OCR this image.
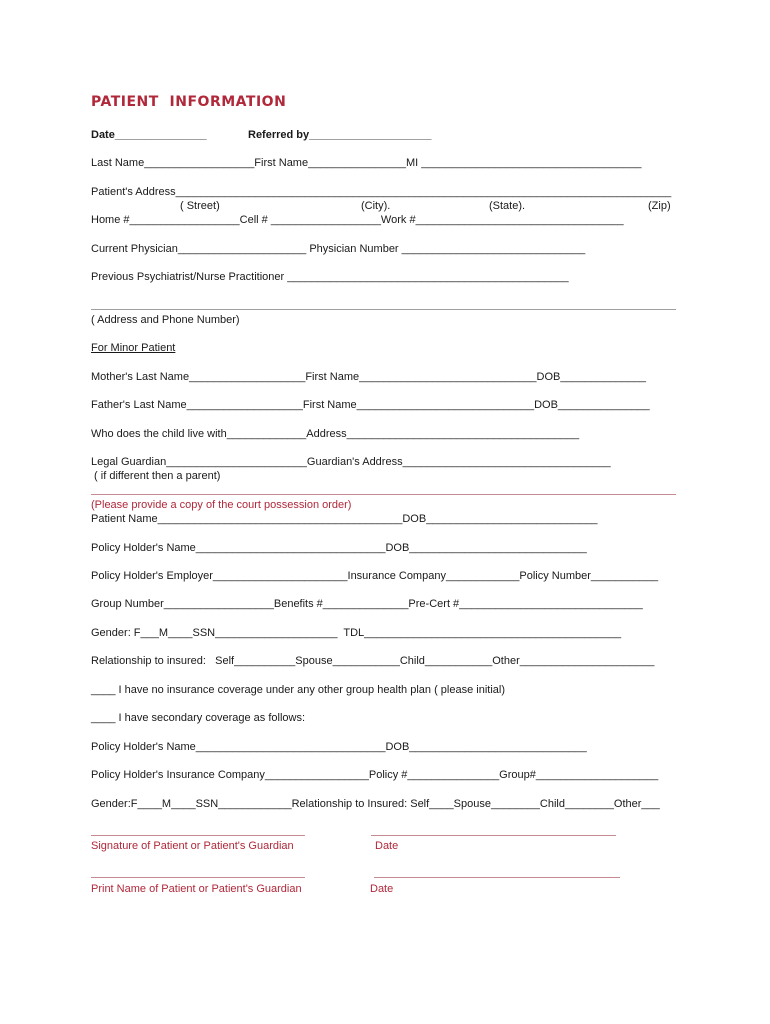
PATIENT  INFORMATION
Date_______________	Referred by____________________
Last Name__________________First Name________________MI ____________________________________
Patient's Address_________________________________________________________________________________
( Street)	(City).	(State).	(Zip)
Home #__________________Cell # __________________Work #__________________________________
Current Physician_____________________ Physician Number ______________________________
Previous Psychiatrist/Nurse Practitioner ______________________________________________
( Address and Phone Number)
For Minor Patient
Mother's Last Name___________________First Name_____________________________DOB______________
Father's Last Name___________________First Name_____________________________DOB_______________
Who does the child live with_____________Address______________________________________
Legal Guardian_______________________Guardian's Address__________________________________
( if different then a parent)
(Please provide a copy of the court possession order)
Patient Name________________________________________DOB____________________________
Policy Holder's Name_______________________________DOB_____________________________
Policy Holder's Employer______________________Insurance Company____________Policy Number___________
Group Number__________________Benefits #______________Pre-Cert #______________________________
Gender: F___M____SSN____________________  TDL__________________________________________
Relationship to insured:   Self__________Spouse___________Child___________Other______________________
____ I have no insurance coverage under any other group health plan ( please initial)
____ I have secondary coverage as follows:
Policy Holder's Name_______________________________DOB_____________________________
Policy Holder's Insurance Company_________________Policy #_______________Group#____________________
Gender:F____M____SSN____________Relationship to Insured: Self____Spouse________Child________Other___
Signature of Patient or Patient's Guardian	Date
Print Name of Patient or Patient's Guardian	Date
